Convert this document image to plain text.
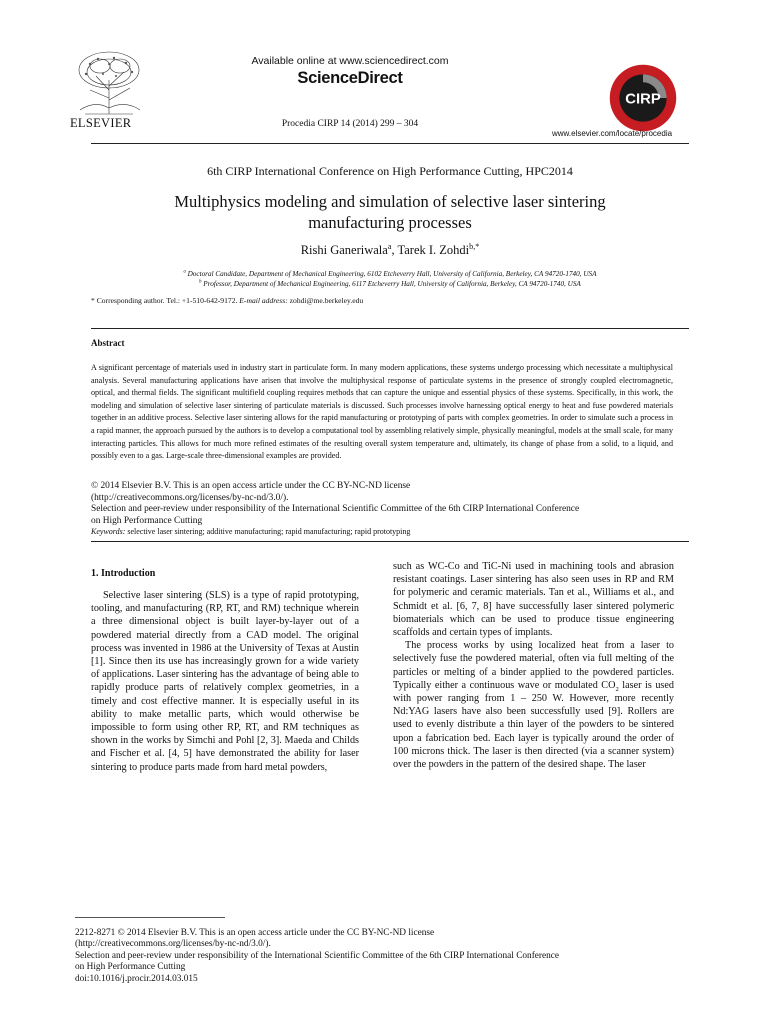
ELSEVIER
Available online at www.sciencedirect.com
ScienceDirect
Procedia CIRP 14 (2014) 299 – 304
CIRP
www.elsevier.com/locate/procedia
6th CIRP International Conference on High Performance Cutting, HPC2014
Multiphysics modeling and simulation of selective laser sintering
manufacturing processes
Rishi Ganeriwala$^a$, Tarek I. Zohdi$^{b,*}$
$^a$ Doctoral Candidate, Department of Mechanical Engineering, 6102 Etcheverry Hall, University of California, Berkeley, CA 94720-1740, USA
$^b$ Professor, Department of Mechanical Engineering, 6117 Etcheverry Hall, University of California, Berkeley, CA 94720-1740, USA
* Corresponding author. Tel.: +1-510-642-9172. E-mail address: zohdi@me.berkeley.edu
Abstract

A significant percentage of materials used in industry start in particulate form. In many modern applications, these systems undergo processing which necessitate a multiphysical analysis. Several manufacturing applications have arisen that involve the multiphysical response of particulate systems in the presence of strongly coupled electromagnetic, optical, and thermal fields. The significant multifield coupling requires methods that can capture the unique and essential physics of these systems. Specifically, in this work, the modeling and simulation of selective laser sintering of particulate materials is discussed. Such processes involve harnessing optical energy to heat and fuse powdered materials together in an additive process. Selective laser sintering allows for the rapid manufacturing or prototyping of parts with complex geometries. In order to simulate such a process in a rapid manner, the approach pursued by the authors is to develop a computational tool by assembling relatively simple, physically meaningful, models at the small scale, for many interacting particles. This allows for much more refined estimates of the resulting overall system temperature and, ultimately, its change of phase from a solid, to a liquid, and possibly even to a gas. Large-scale three-dimensional examples are provided.

© 2014 Elsevier B.V. This is an open access article under the CC BY-NC-ND license
(http://creativecommons.org/licenses/by-nc-nd/3.0/).
Selection and peer-review under responsibility of the International Scientific Committee of the 6th CIRP International Conference
on High Performance Cutting
Keywords: selective laser sintering; additive manufacturing; rapid manufacturing; rapid prototyping
1. Introduction

Selective laser sintering (SLS) is a type of rapid prototyping, tooling, and manufacturing (RP, RT, and RM) technique wherein a three dimensional object is built layer-by-layer out of a powdered material directly from a CAD model. The original process was invented in 1986 at the University of Texas at Austin [1]. Since then its use has increasingly grown for a wide variety of applications. Laser sintering has the advantage of being able to rapidly produce parts of relatively complex geometries, in a timely and cost effective manner. It is especially useful in its ability to make metallic parts, which would otherwise be impossible to form using other RP, RT, and RM techniques as shown in the works by Simchi and Pohl [2, 3]. Maeda and Childs and Fischer et al. [4, 5] have demonstrated the ability for laser sintering to produce parts made from hard metal powders,

such as WC-Co and TiC-Ni used in machining tools and abrasion resistant coatings. Laser sintering has also seen uses in RP and RM for polymeric and ceramic materials. Tan et al., Williams et al., and Schmidt et al. [6, 7, 8] have successfully laser sintered polymeric biomaterials which can be used to produce tissue engineering scaffolds and certain types of implants.

The process works by using localized heat from a laser to selectively fuse the powdered material, often via full melting of the particles or melting of a binder applied to the powdered particles. Typically either a continuous wave or modulated $CO_2$ laser is used with power ranging from 1 – 250 W. However, more recently Nd:YAG lasers have also been successfully used [9]. Rollers are used to evenly distribute a thin layer of the powders to be sintered upon a fabrication bed. Each layer is typically around the order of 100 microns thick. The laser is then directed (via a scanner system) over the powders in the pattern of the desired shape. The laser

2212-8271 © 2014 Elsevier B.V. This is an open access article under the CC BY-NC-ND license
(http://creativecommons.org/licenses/by-nc-nd/3.0/).
Selection and peer-review under responsibility of the International Scientific Committee of the 6th CIRP International Conference
on High Performance Cutting
doi:10.1016/j.procir.2014.03.015
